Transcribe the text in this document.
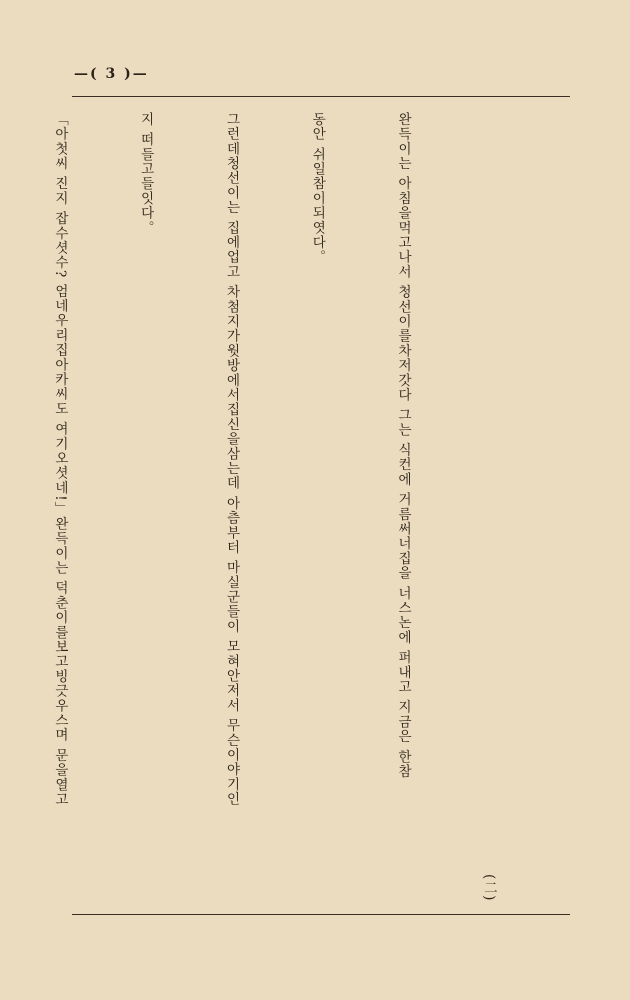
—( 3 )—

(二)

완득이는 아침을먹고나서 청선이를차저갓다 그는 식컨에 거름써너집을 너스논에 퍼내고 지금은 한참

동안 쉬일참이되엿다。

그런데청선이는 집에업고 차첨지가웟방에서집신을삼는데 아츰부터 마실군들이 모혀안저서 무슨이야기인

지 떠들고들잇다。

「아첫씨 진지 잡수셧수? 엄네우리집아카씨도 여기오셧네!」완득이는 덕춘이를보고빙긋우스며 문을열고
